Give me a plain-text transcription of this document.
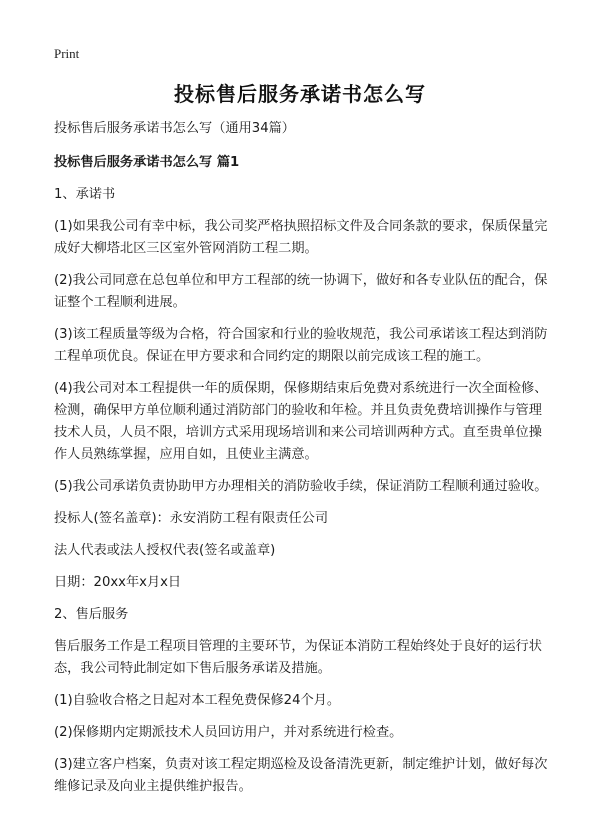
Print
投标售后服务承诺书怎么写

投标售后服务承诺书怎么写（通用34篇）

投标售后服务承诺书怎么写 篇1

1、承诺书

(1)如果我公司有幸中标，我公司奖严格执照招标文件及合同条款的要求，保质保量完成好大柳塔北区三区室外管网消防工程二期。

(2)我公司同意在总包单位和甲方工程部的统一协调下，做好和各专业队伍的配合，保证整个工程顺利进展。

(3)该工程质量等级为合格，符合国家和行业的验收规范，我公司承诺该工程达到消防工程单项优良。保证在甲方要求和合同约定的期限以前完成该工程的施工。

(4)我公司对本工程提供一年的质保期，保修期结束后免费对系统进行一次全面检修、检测，确保甲方单位顺利通过消防部门的验收和年检。并且负责免费培训操作与管理技术人员，人员不限，培训方式采用现场培训和来公司培训两种方式。直至贵单位操作人员熟练掌握，应用自如，且使业主满意。

(5)我公司承诺负责协助甲方办理相关的消防验收手续，保证消防工程顺利通过验收。

投标人(签名盖章)：永安消防工程有限责任公司

法人代表或法人授权代表(签名或盖章)

日期：20xx年x月x日

2、售后服务

售后服务工作是工程项目管理的主要环节，为保证本消防工程始终处于良好的运行状态，我公司特此制定如下售后服务承诺及措施。

(1)自验收合格之日起对本工程免费保修24个月。

(2)保修期内定期派技术人员回访用户，并对系统进行检查。

(3)建立客户档案，负责对该工程定期巡检及设备清洗更新，制定维护计划，做好每次维修记录及向业主提供维护报告。
